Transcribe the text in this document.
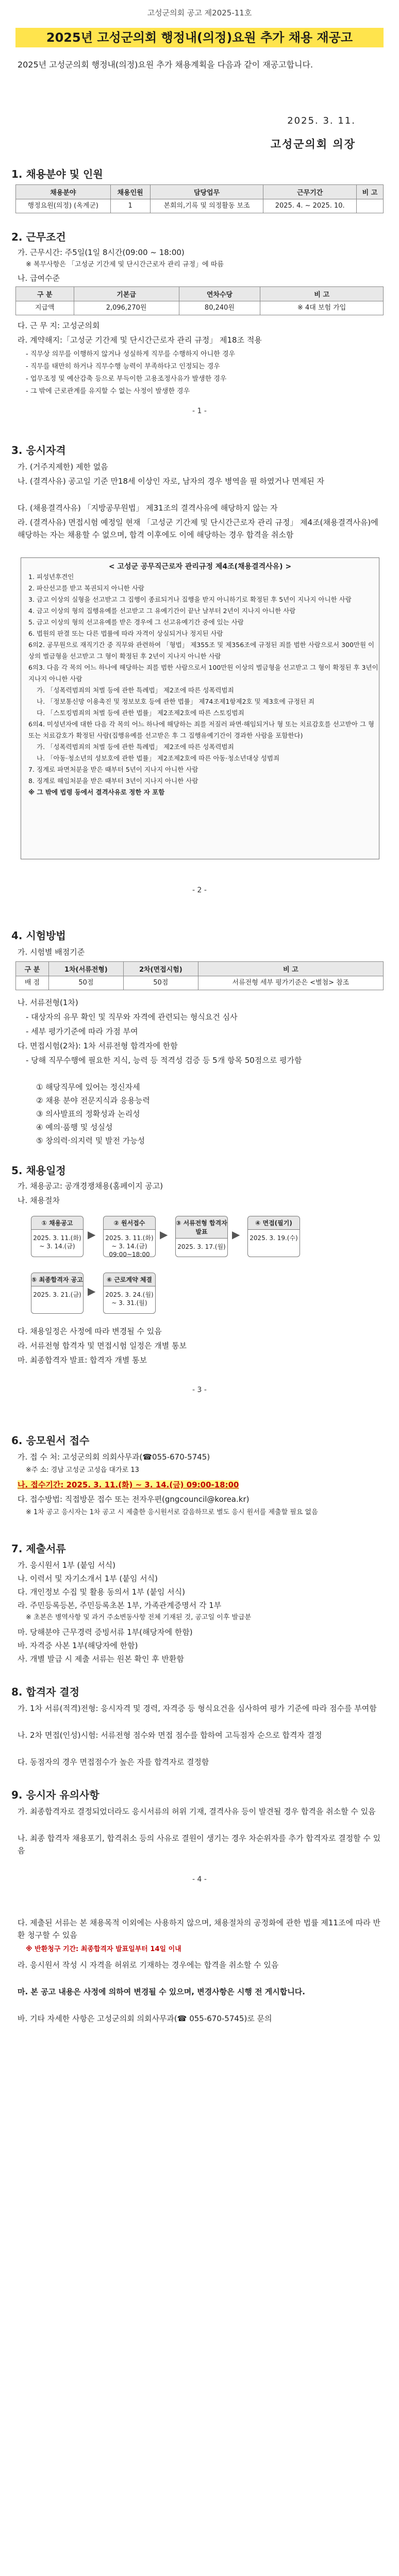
고성군의회 공고 제2025-11호
2025년 고성군의회 행정내(의정)요원 추가 채용 재공고
2025년 고성군의회 행정내(의정)요원 추가 채용계획을 다음과 같이 재공고합니다.
2025. 3. 11.
고성군의회 의장
1. 채용분야 및 인원
채용분야	채용인원	담당업무	근무기간	비 고
행정요원(의정) (옥계군)	1	본회의,기록 및 의정활동 보조	2025. 4. ~ 2025. 10.	
2. 근무조건
가. 근무시간: 주5일(1일 8시간(09:00 ~ 18:00)
※ 복무사항은 「고성군 기간제 및 단시간근로자 관리 규정」에 따름
나. 급여수준
구 분	기본급	연차수당	비 고
지급액	2,096,270원	80,240원	※ 4대 보험 가입
다. 근 무 지: 고성군의회
라. 계약해지:「고성군 기간제 및 단시간근로자 관리 규정」 제18조 적용
- 직무상 의무를 이행하지 않거나 성실하게 직무를 수행하지 아니한 경우
- 직무를 태만히 하거나 직무수행 능력이 부족하다고 인정되는 경우
- 업무조정 및 예산감축 등으로 부득이한 고용조정사유가 발생한 경우
- 그 밖에 근로관계를 유지할 수 없는 사정이 발생한 경우
- 1 -
3. 응시자격
가. (거주지제한) 제한 없음
나. (결격사유) 공고일 기준 만18세 이상인 자로, 남자의 경우 병역을 필 하였거나 면제된 자
다. (채용결격사유) 「지방공무원법」 제31조의 결격사유에 해당하지 않는 자
라. (결격사유) 면접시험 예정일 현재 「고성군 기간제 및 단시간근로자 관리 규정」 제4조(채용결격사유)에 해당하는 자는 채용할 수 없으며, 합격 이후에도 이에 해당하는 경우 합격을 취소함
< 고성군 공무직근로자 관리규정 제4조(채용결격사유) >
1. 피성년후견인
2. 파산선고를 받고 복권되지 아니한 사람
3. 금고 이상의 실형을 선고받고 그 집행이 종료되거나 집행을 받지 아니하기로 확정된 후 5년이 지나지 아니한 사람
4. 금고 이상의 형의 집행유예를 선고받고 그 유예기간이 끝난 날부터 2년이 지나지 아니한 사람
5. 금고 이상의 형의 선고유예를 받은 경우에 그 선고유예기간 중에 있는 사람
6. 법원의 판결 또는 다른 법률에 따라 자격이 상실되거나 정지된 사람
6의2. 공무원으로 재직기간 중 직무와 관련하여 「형법」 제355조 및 제356조에 규정된 죄를 범한 사람으로서 300만원 이상의 벌금형을 선고받고 그 형이 확정된 후 2년이 지나지 아니한 사람
6의3. 다음 각 목의 어느 하나에 해당하는 죄를 범한 사람으로서 100만원 이상의 벌금형을 선고받고 그 형이 확정된 후 3년이 지나지 아니한 사람
가. 「성폭력범죄의 처벌 등에 관한 특례법」 제2조에 따른 성폭력범죄
나. 「정보통신망 이용촉진 및 정보보호 등에 관한 법률」 제74조제1항제2호 및 제3호에 규정된 죄
다. 「스토킹범죄의 처벌 등에 관한 법률」 제2조제2호에 따른 스토킹범죄
6의4. 미성년자에 대한 다음 각 목의 어느 하나에 해당하는 죄를 저질러 파면·해임되거나 형 또는 치료감호를 선고받아 그 형 또는 치료감호가 확정된 사람(집행유예를 선고받은 후 그 집행유예기간이 경과한 사람을 포함한다)
가. 「성폭력범죄의 처벌 등에 관한 특례법」 제2조에 따른 성폭력범죄
나. 「아동·청소년의 성보호에 관한 법률」 제2조제2호에 따른 아동·청소년대상 성범죄
7. 징계로 파면처분을 받은 때부터 5년이 지나지 아니한 사람
8. 징계로 해임처분을 받은 때부터 3년이 지나지 아니한 사람
※ 그 밖에 법령 등에서 결격사유로 정한 자 포함
- 2 -
4. 시험방법
가. 시험별 배점기준
구 분	1차(서류전형)	2차(면접시험)	비 고
배 점	50점	50점	서류전형 세부 평가기준은 <별첨> 참조
나. 서류전형(1차)
- 대상자의 유무 확인 및 직무와 자격에 관련되는 형식요건 심사
- 세부 평가기준에 따라 가점 부여
다. 면접시험(2차): 1차 서류전형 합격자에 한함
- 당해 직무수행에 필요한 지식, 능력 등 적격성 검증 등 5개 항목 50점으로 평가함
① 해당직무에 있어는 정신자세
② 채용 분야 전문지식과 응용능력
③ 의사발표의 정확성과 논리성
④ 예의·품행 및 성실성
⑤ 창의력·의지력 및 발전 가능성
5. 채용일정
가. 채용공고: 공개경쟁채용(홈페이지 공고)
나. 채용절차
① 채용공고
2025. 3. 11.(화) ~ 3. 14.(금)
▶
② 원서접수
2025. 3. 11.(화) ~ 3. 14.(금) 09:00~18:00
▶
③ 서류전형 합격자 발표
2025. 3. 17.(월)
▶
④ 면접(필기)
2025. 3. 19.(수)
⑤ 최종합격자 공고
2025. 3. 21.(금) ▶
⑥ 근로계약 체결
2025. 3. 24.(월) ~ 3. 31.(월)
다. 채용일정은 사정에 따라 변경될 수 있음
라. 서류전형 합격자 및 면접시험 일정은 개별 통보
마. 최종합격자 발표: 합격자 개별 통보
- 3 -
6. 응모원서 접수
가. 접 수 처: 고성군의회 의회사무과(☎055-670-5745)
※주 소: 경남 고성군 고성읍 대가로 13
나. 접수기간: 2025. 3. 11.(화) ~ 3. 14.(금) 09:00-18:00
다. 접수방법: 직접방문 접수 또는 전자우편(gngcouncil@korea.kr)
※ 1차 공고 응시자는 1차 공고 시 제출한 응시원서로 갈음하므로 별도 응시 원서를 제출할 필요 없음
7. 제출서류
가. 응시원서 1부 (붙임 서식)
나. 이력서 및 자기소개서 1부 (붙임 서식)
다. 개인정보 수집 및 활용 동의서 1부 (붙임 서식)
라. 주민등록등본, 주민등록초본 1부, 가족관계증명서 각 1부
※ 초본은 병역사항 및 과거 주소변동사항 전체 기재된 것, 공고일 이후 발급분
마. 당해분야 근무경력 증빙서류 1부(해당자에 한함)
바. 자격증 사본 1부(해당자에 한함)
사. 개별 발급 시 제출 서류는 원본 확인 후 반환함
8. 합격자 결정
가. 1차 서류(적격)전형: 응시자격 및 경력, 자격증 등 형식요건을 심사하여 평가 기준에 따라 점수를 부여함
나. 2차 면접(인성)시험: 서류전형 점수와 면접 점수를 합하여 고득점자 순으로 합격자 결정
다. 동점자의 경우 면접점수가 높은 자를 합격자로 결정함
9. 응시자 유의사항
가. 최종합격자로 결정되었더라도 응시서류의 허위 기재, 결격사유 등이 발견될 경우 합격을 취소할 수 있음
나. 최종 합격자 채용포기, 합격취소 등의 사유로 결원이 생기는 경우 차순위자를 추가 합격자로 결정할 수 있음
- 4 -
다. 제출된 서류는 본 채용목적 이외에는 사용하지 않으며, 채용절차의 공정화에 관한 법률 제11조에 따라 반환 청구할 수 있음
※ 반환청구 기간: 최종합격자 발표일부터 14일 이내
라. 응시원서 작성 시 자격을 허위로 기재하는 경우에는 합격을 취소할 수 있음
마. 본 공고 내용은 사정에 의하여 변경될 수 있으며, 변경사항은 시행 전 게시합니다.
바. 기타 자세한 사항은 고성군의회 의회사무과(☎ 055-670-5745)로 문의
